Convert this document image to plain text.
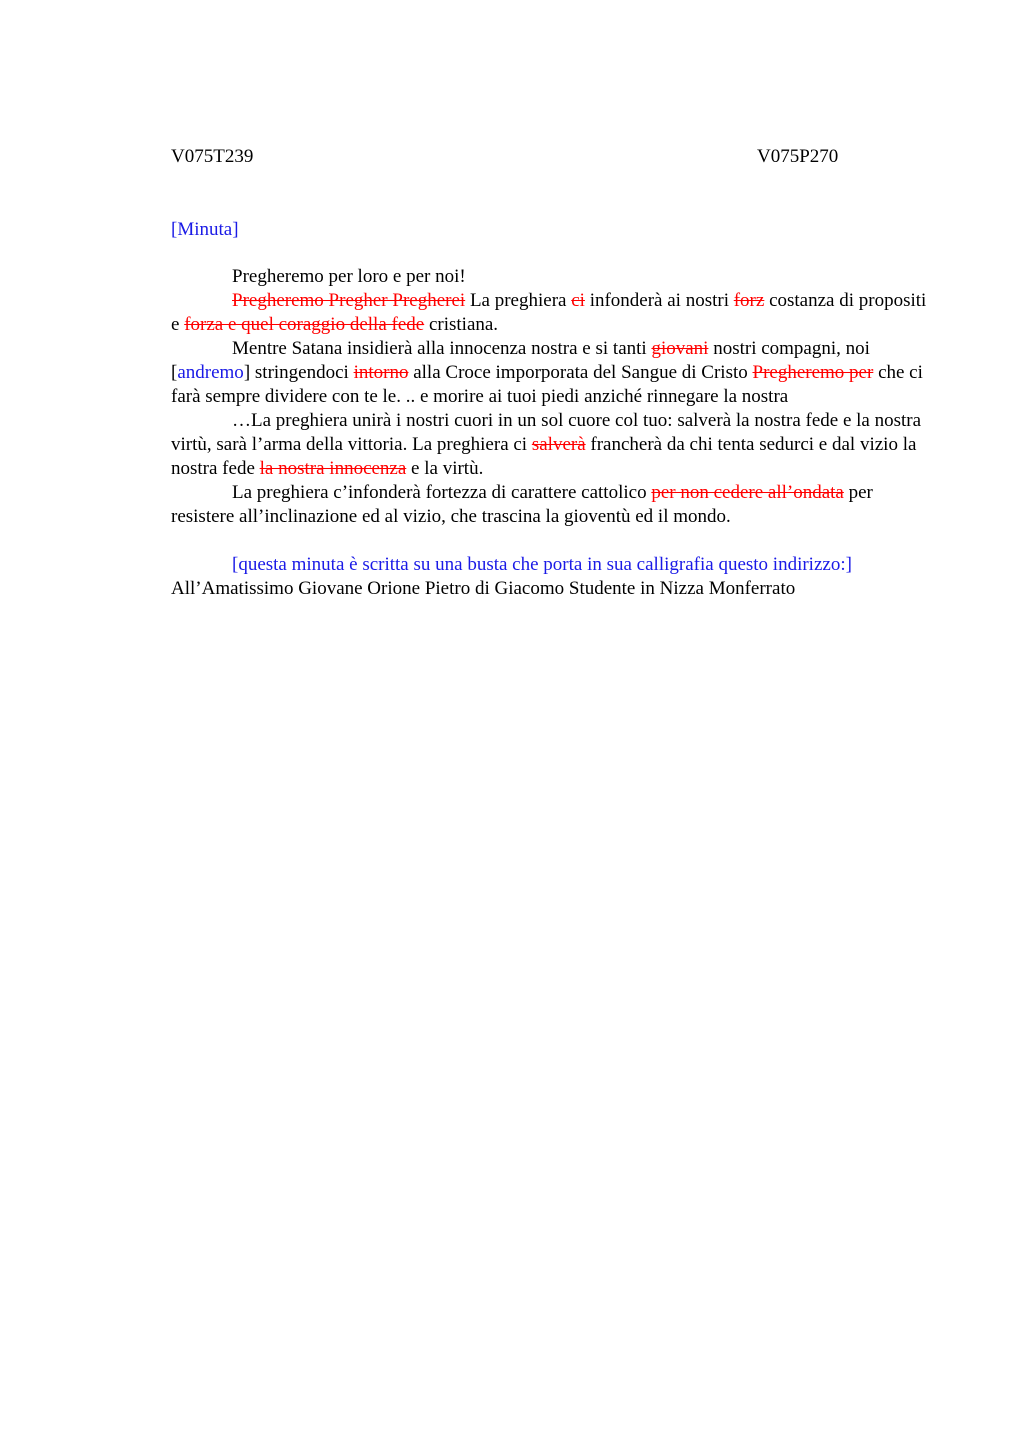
V075T239	V075P270
[Minuta]

Pregheremo per loro e per noi!

Pregheremo Pregher Pregherei La preghiera ci infonderà ai nostri forz costanza di propositi e forza e quel coraggio della fede cristiana.

Mentre Satana insidierà alla innocenza nostra e si tanti giovani nostri compagni, noi [andremo] stringendoci intorno alla Croce imporporata del Sangue di Cristo Pregheremo per che ci farà sempre dividere con te le. .. e morire ai tuoi piedi anziché rinnegare la nostra

…La preghiera unirà i nostri cuori in un sol cuore col tuo: salverà la nostra fede e la nostra virtù, sarà l’arma della vittoria. La preghiera ci salverà francherà da chi tenta sedurci e dal vizio la nostra fede la nostra innocenza e la virtù.

La preghiera c’infonderà fortezza di carattere cattolico per non cedere all’ondata per resistere all’inclinazione ed al vizio, che trascina la gioventù ed il mondo.

[questa minuta è scritta su una busta che porta in sua calligrafia questo indirizzo:]

All’Amatissimo Giovane Orione Pietro di Giacomo Studente in Nizza Monferrato
